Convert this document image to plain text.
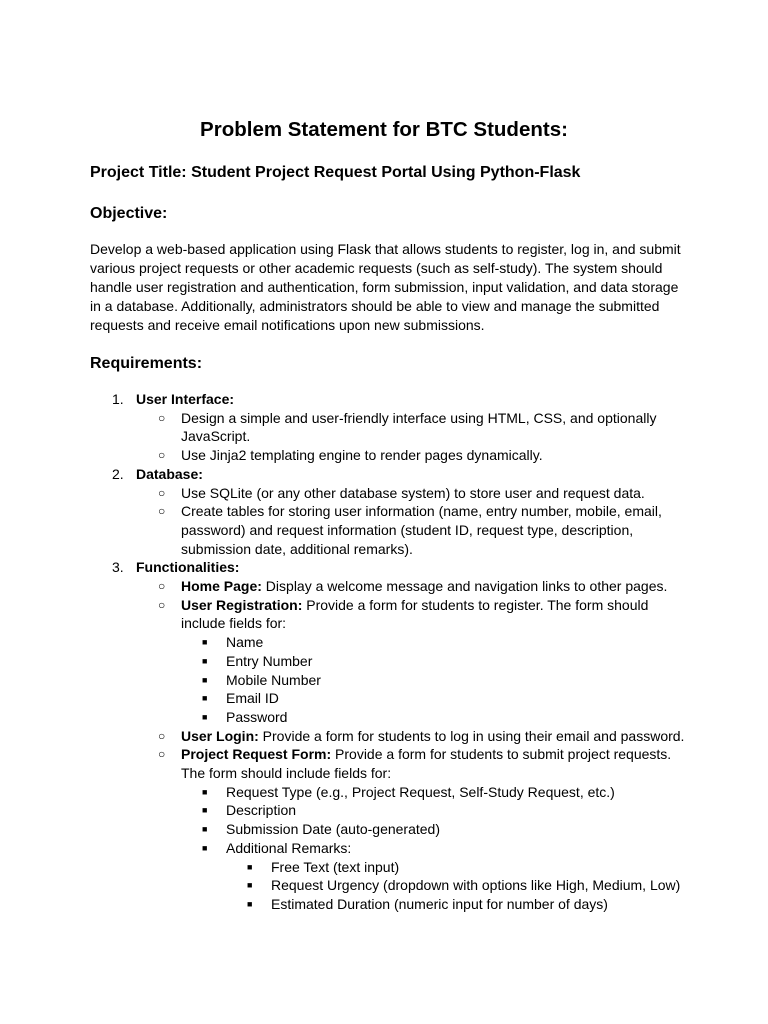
Problem Statement for BTC Students:
Project Title: Student Project Request Portal Using Python-Flask
Objective:

Develop a web-based application using Flask that allows students to register, log in, and submit various project requests or other academic requests (such as self-study). The system should handle user registration and authentication, form submission, input validation, and data storage in a database. Additionally, administrators should be able to view and manage the submitted requests and receive email notifications upon new submissions.

Requirements:
1. User Interface:
○ Design a simple and user-friendly interface using HTML, CSS, and optionally JavaScript.
○ Use Jinja2 templating engine to render pages dynamically.
2. Database:
○ Use SQLite (or any other database system) to store user and request data.
○ Create tables for storing user information (name, entry number, mobile, email, password) and request information (student ID, request type, description, submission date, additional remarks).
3. Functionalities:
○ Home Page: Display a welcome message and navigation links to other pages.
○ User Registration: Provide a form for students to register. The form should include fields for:
■ Name
■ Entry Number
■ Mobile Number
■ Email ID
■ Password
○ User Login: Provide a form for students to log in using their email and password.
○ Project Request Form: Provide a form for students to submit project requests. The form should include fields for:
■ Request Type (e.g., Project Request, Self-Study Request, etc.)
■ Description
■ Submission Date (auto-generated)
■ Additional Remarks:
■ Free Text (text input)
■ Request Urgency (dropdown with options like High, Medium, Low)
■ Estimated Duration (numeric input for number of days)
